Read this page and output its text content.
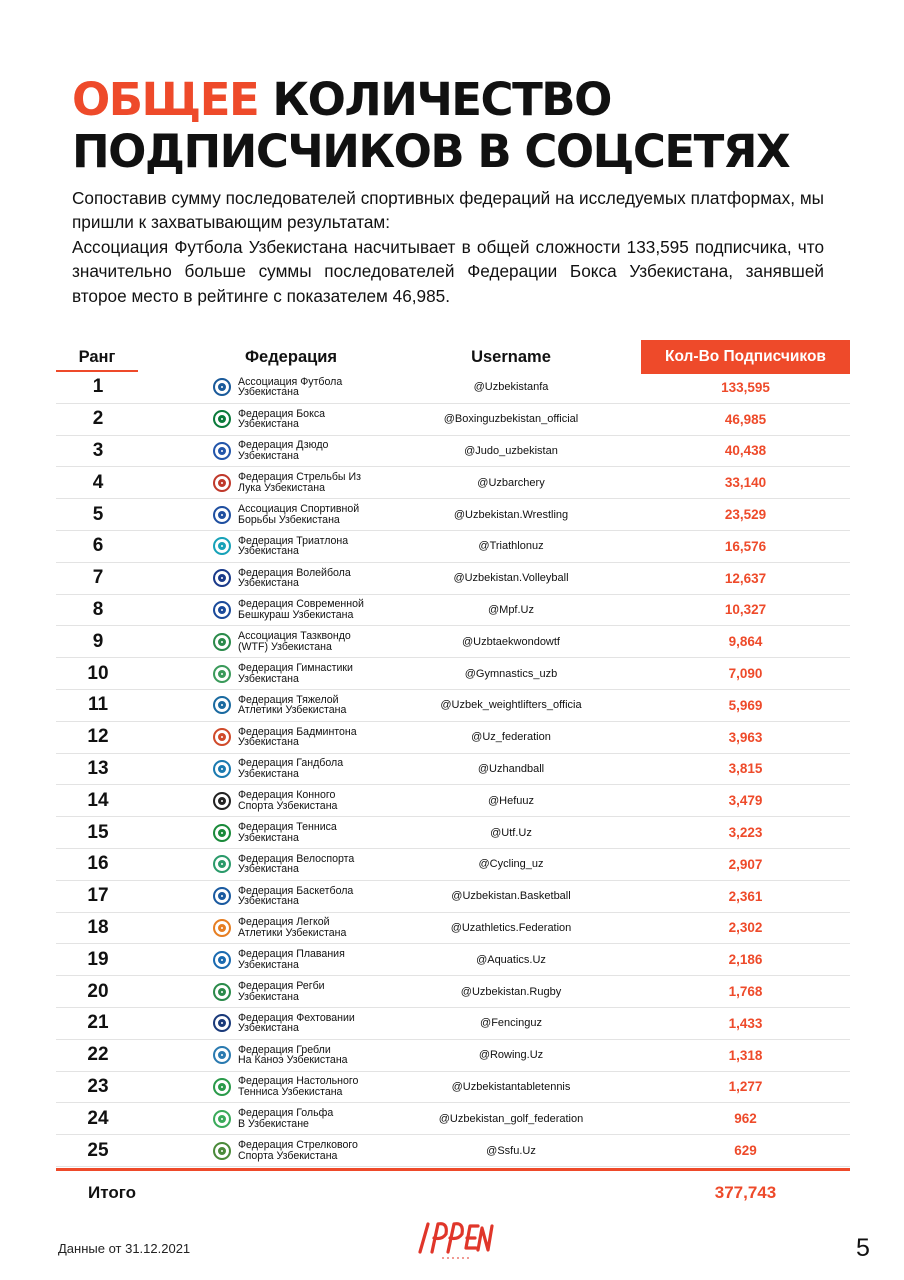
ОБЩЕЕ КОЛИЧЕСТВО
ПОДПИСЧИКОВ В СОЦСЕТЯХ

Сопоставив сумму последователей спортивных федераций на исследуемых платформах, мы пришли к захватывающим результатам:

Ассоциация Футбола Узбекистана насчитывает в общей сложности 133,595 подписчика, что значительно больше суммы последователей Федерации Бокса Узбекистана, занявшей второе место в рейтинге с показателем 46,985.

Ранг	Федерация	Username	Кол-Во Подписчиков
1	Ассоциация Футбола
Узбекистана	@Uzbekistanfa	133,595
2	Федерация Бокса
Узбекистана	@Boxinguzbekistan_official	46,985
3	Федерация Дзюдо
Узбекистана	@Judo_uzbekistan	40,438
4	Федерация Стрельбы Из
Лука Узбекистана	@Uzbarchery	33,140
5	Ассоциация Спортивной
Борьбы Узбекистана	@Uzbekistan.Wrestling	23,529
6	Федерация Триатлона
Узбекистана	@Triathlonuz	16,576
7	Федерация Волейбола
Узбекистана	@Uzbekistan.Volleyball	12,637
8	Федерация Современной
Бешкураш Узбекистана	@Mpf.Uz	10,327
9	Ассоциация Тазквондо
(WTF) Узбекистана	@Uzbtaekwondowtf	9,864
10	Федерация Гимнастики
Узбекистана	@Gymnastics_uzb	7,090
11	Федерация Тяжелой
Атлетики Узбекистана	@Uzbek_weightlifters_officia	5,969
12	Федерация Бадминтона
Узбекистана	@Uz_federation	3,963
13	Федерация Гандбола
Узбекистана	@Uzhandball	3,815
14	Федерация Конного
Спорта Узбекистана	@Hefuuz	3,479
15	Федерация Тенниса
Узбекистана	@Utf.Uz	3,223
16	Федерация Велоспорта
Узбекистана	@Cycling_uz	2,907
17	Федерация Баскетбола
Узбекистана	@Uzbekistan.Basketball	2,361
18	Федерация Легкой
Атлетики Узбекистана	@Uzathletics.Federation	2,302
19	Федерация Плавания
Узбекистана	@Aquatics.Uz	2,186
20	Федерация Регби
Узбекистана	@Uzbekistan.Rugby	1,768
21	Федерация Фехтовании
Узбекистана	@Fencinguz	1,433
22	Федерация Гребли
На Каноэ Узбекистана	@Rowing.Uz	1,318
23	Федерация Настольного
Тенниса Узбекистана	@Uzbekistantabletennis	1,277
24	Федерация Гольфа
В Узбекистане	@Uzbekistan_golf_federation	962
25	Федерация Стрелкового
Спорта Узбекистана	@Ssfu.Uz	629
Итого	377,743
Данные от 31.12.2021	5
